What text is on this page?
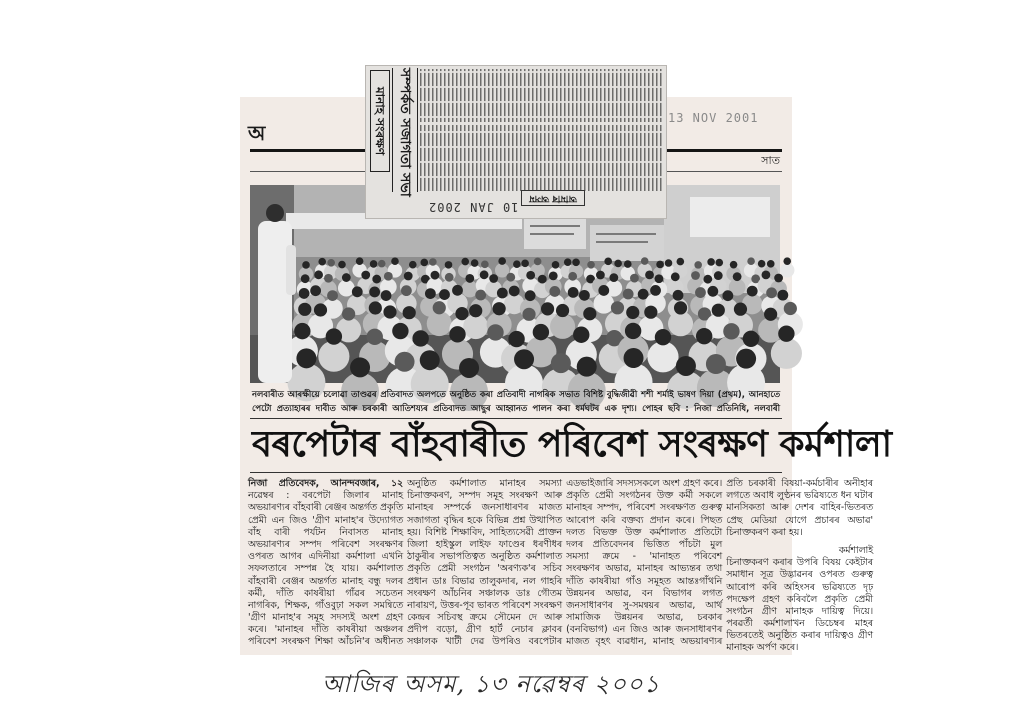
অ
13 NOV 2001
সাত
নলবাৰীত আৰক্ষীয়ে চলোৱা তাণ্ডৱৰ প্ৰতিবাদত অলপতে অনুষ্ঠিত কৰা প্ৰতিবাদী নাগৰিক সভাত বিশিষ্ট বুদ্ধিজীৱী শশী শৰ্মাই ভাষণ দিয়া (প্ৰথম), আনহাতে
পেটো প্ৰত্যাহাৰৰ দাবীত আৰু চৰকাৰী আতিশয্যৰ প্ৰতিবাদত আছুৰ আহ্বানত পালন কৰা ধৰ্মঘটৰ এক দৃশ্য। পোহৰ ছবি : নিজা প্ৰতিনিধি, নলবাৰী
বৰপেটাৰ বাঁহবাৰীত পৰিবেশ সংৰক্ষণ কৰ্মশালা
নিজা প্ৰতিবেদক, আনন্দবজাৰ, ১২
নৱেম্বৰ : বৰপেটা জিলাৰ মানাহ
অভয়াৰণ্যৰ বাঁহবাৰী ৰেঞ্জৰ অন্তৰ্গত প্ৰকৃতি
প্ৰেমী এন জিও 'গ্ৰীণ মানাহ'ৰ উদ্যোগত
বাঁহ বাৰী পৰ্যটন নিবাসত মানাহ
অভয়াৰণ্যৰ সম্পদ পৰিবেশ সংৰক্ষণৰ
ওপৰত আগৰ এদিনীয়া কৰ্মশালা এখনি
সফলতাৰে সম্পন্ন হৈ যায়। কৰ্মশালাত
বাঁহবাৰী ৰেঞ্জৰ অন্তৰ্গত মানাহ বন্ধু দলৰ
কৰ্মী, দাঁতি কাষৰীয়া গাঁৱৰ সচেতন
নাগৰিক, শিক্ষক, গাঁওবুঢ়া সকল সমন্বিতে
'গ্ৰীণ মানাহ'ৰ সমূহ সদস্যই অংশ গ্ৰহণ
কৰে। 'মানাহৰ দাঁতি কাষৰীয়া অঞ্চলৰ
পৰিবেশ সংৰক্ষণ শিক্ষা আঁচনি'ৰ অধীনত
অনুষ্ঠিত কৰ্মশালাত মানাহৰ সমস্যা
চিনাক্তকৰণ, সম্পদ সমূহ সংৰক্ষণ আৰু
মানাহৰ সম্পৰ্কে জনসাধাৰণৰ মাজত
সজাগতা বৃদ্ধিৰ হকে বিভিন্ন প্ৰশ্ন উত্থাপিত
হয়। বিশিষ্ট শিক্ষাবিদ, সাহিত্যসেৱী প্ৰাক্তন
জিলা হাইস্কুল লাইফ ফাণ্ডেৰ ধৰণীধৰ
ঠাকুৰীৰ সভাপতিত্বত অনুষ্ঠিত কৰ্মশালাত
প্ৰকৃতি প্ৰেমী সংগঠন 'অৰণ্যক'ৰ সচিব
প্ৰধান ডাঃ বিভাৱ তালুকদাৰ, নল গাহৰি
সংৰক্ষণ আঁচনিৰ সঞ্চালক ডাঃ গৌতম
নাৰায়ণ, উত্তৰ-পূব ভাৰত পৰিবেশ সংৰক্ষণ
কেন্দ্ৰৰ সচিবস্থ ক্ৰমে সৌমেন দে আৰু
প্ৰদীপ বড়ো, গ্ৰীণ হাৰ্ট নেচাৰ ক্লাবৰ
সঞ্চালক খাটী দেৱ উপৰিও বৰপেটাৰ
এডভাইজাৰি সদস্যসকলে অংশ গ্ৰহণ কৰে।
প্ৰকৃতি প্ৰেমী সংগঠনৰ উক্ত কৰ্মী সকলে
মানাহৰ সম্পদ, পৰিবেশ সংৰক্ষণত গুৰুত্ব
আৰোপ কৰি বক্তব্য প্ৰদান কৰে। পিছত
দলত বিভক্ত উক্ত কৰ্মশালাত প্ৰতিটো
দলৰ প্ৰতিবেদনৰ ভিত্তিত পাঁচটা মুল
সমস্যা ক্ৰমে - 'মানাহত পৰিবেশ
সংৰক্ষণৰ অভাৱ, মানাহৰ আভ্যন্তৰ তথা
দাঁতি কাষৰীয়া গাঁও সমূহত আন্তঃগাঁথনি
উন্নয়নৰ অভাৱ, বন বিভাগৰ লগত
জনসাধাৰণৰ সু-সমন্বয়ৰ অভাৱ, আৰ্থ
সামাজিক উন্নয়নৰ অভাৱ, চৰকাৰ
(বনবিভাগ) এন জিও আৰু জনসাধাৰণৰ
মাজত বৃহৎ ব্যৱধান, মানাহ অভয়াৰণ্যৰ
প্ৰতি চৰকাৰী বিষয়া-কৰ্মচাৰীৰ অনীহাৰ
লগতে অবাধ লুণ্ঠনৰ ভৱিষ্যতে ধন ঘটাৰ
মানসিকতা আৰু দেশৰ বাহিৰ-ভিতৰত
প্ৰেছ মেডিয়া যোগে প্ৰচাৰৰ অভাৱ'
চিনাক্তকৰণ কৰা হয়।
কৰ্মশালাই
চিনাক্তকৰণ কৰাৰ উপৰি বিষয় কেইটাৰ
সমাধান সূত্ৰ উদ্ভাৱনৰ ওপৰত গুৰুত্ব
আৰোপ কৰি অহিংসৰ ভৱিষ্যতে দৃঢ়
পদক্ষেপ গ্ৰহণ কৰিবলৈ প্ৰকৃতি প্ৰেমী
সংগঠন গ্ৰীণ মানাহক দায়িত্ব দিয়ে।
পৰৱৰ্তী কৰ্মশালাখন ডিচেম্বৰ মাহৰ
ভিতৰতেই অনুষ্ঠিত কৰাৰ দায়িত্বও গ্ৰীণ
মানাহক অৰ্পণ কৰে।
মানাহ সংৰক্ষণ সম্পৰ্কত সজাগতা সভা
আমাৰ অসম
10 JAN 2002
আজিৰ অসম, ১৩ নৱেম্বৰ ২০০১
